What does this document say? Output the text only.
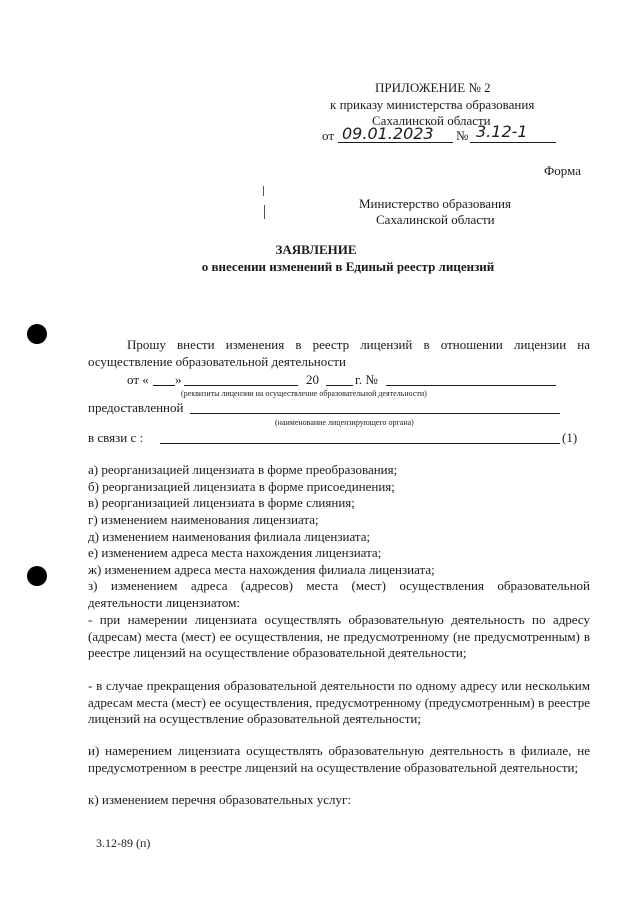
ПРИЛОЖЕНИЕ № 2
к приказу министерства образования
Сахалинской области
от 09.01.2023 № 3.12-1
Форма
Министерство образования
Сахалинской области
ЗАЯВЛЕНИЕ
о внесении изменений в Единый реестр лицензий
Прошу внести изменения в реестр лицензий в отношении лицензии на
осуществление образовательной деятельности
от « »	20	г. №
(реквизиты лицензии на осуществление образовательной деятельности)
предоставленной
(наименование лицензирующего органа)
в связи с :	(1)
а) реорганизацией лицензиата в форме преобразования;
б) реорганизацией лицензиата в форме присоединения;
в) реорганизацией лицензиата в форме слияния;
г) изменением наименования лицензиата;
д) изменением наименования филиала лицензиата;
е) изменением адреса места нахождения лицензиата;
ж) изменением адреса места нахождения филиала лицензиата;
з) изменением адреса (адресов) места (мест) осуществления образовательной деятельности лицензиатом:
- при намерении лицензиата осуществлять образовательную деятельность по адресу (адресам) места (мест) ее осуществления, не предусмотренному (не предусмотренным) в реестре лицензий на осуществление образовательной деятельности;
- в случае прекращения образовательной деятельности по одному адресу или нескольким адресам места (мест) ее осуществления, предусмотренному (предусмотренным) в реестре лицензий на осуществление образовательной деятельности;
и) намерением лицензиата осуществлять образовательную деятельность в филиале, не предусмотренном в реестре лицензий на осуществление образовательной деятельности;
к) изменением перечня образовательных услуг:
3.12-89 (п)
